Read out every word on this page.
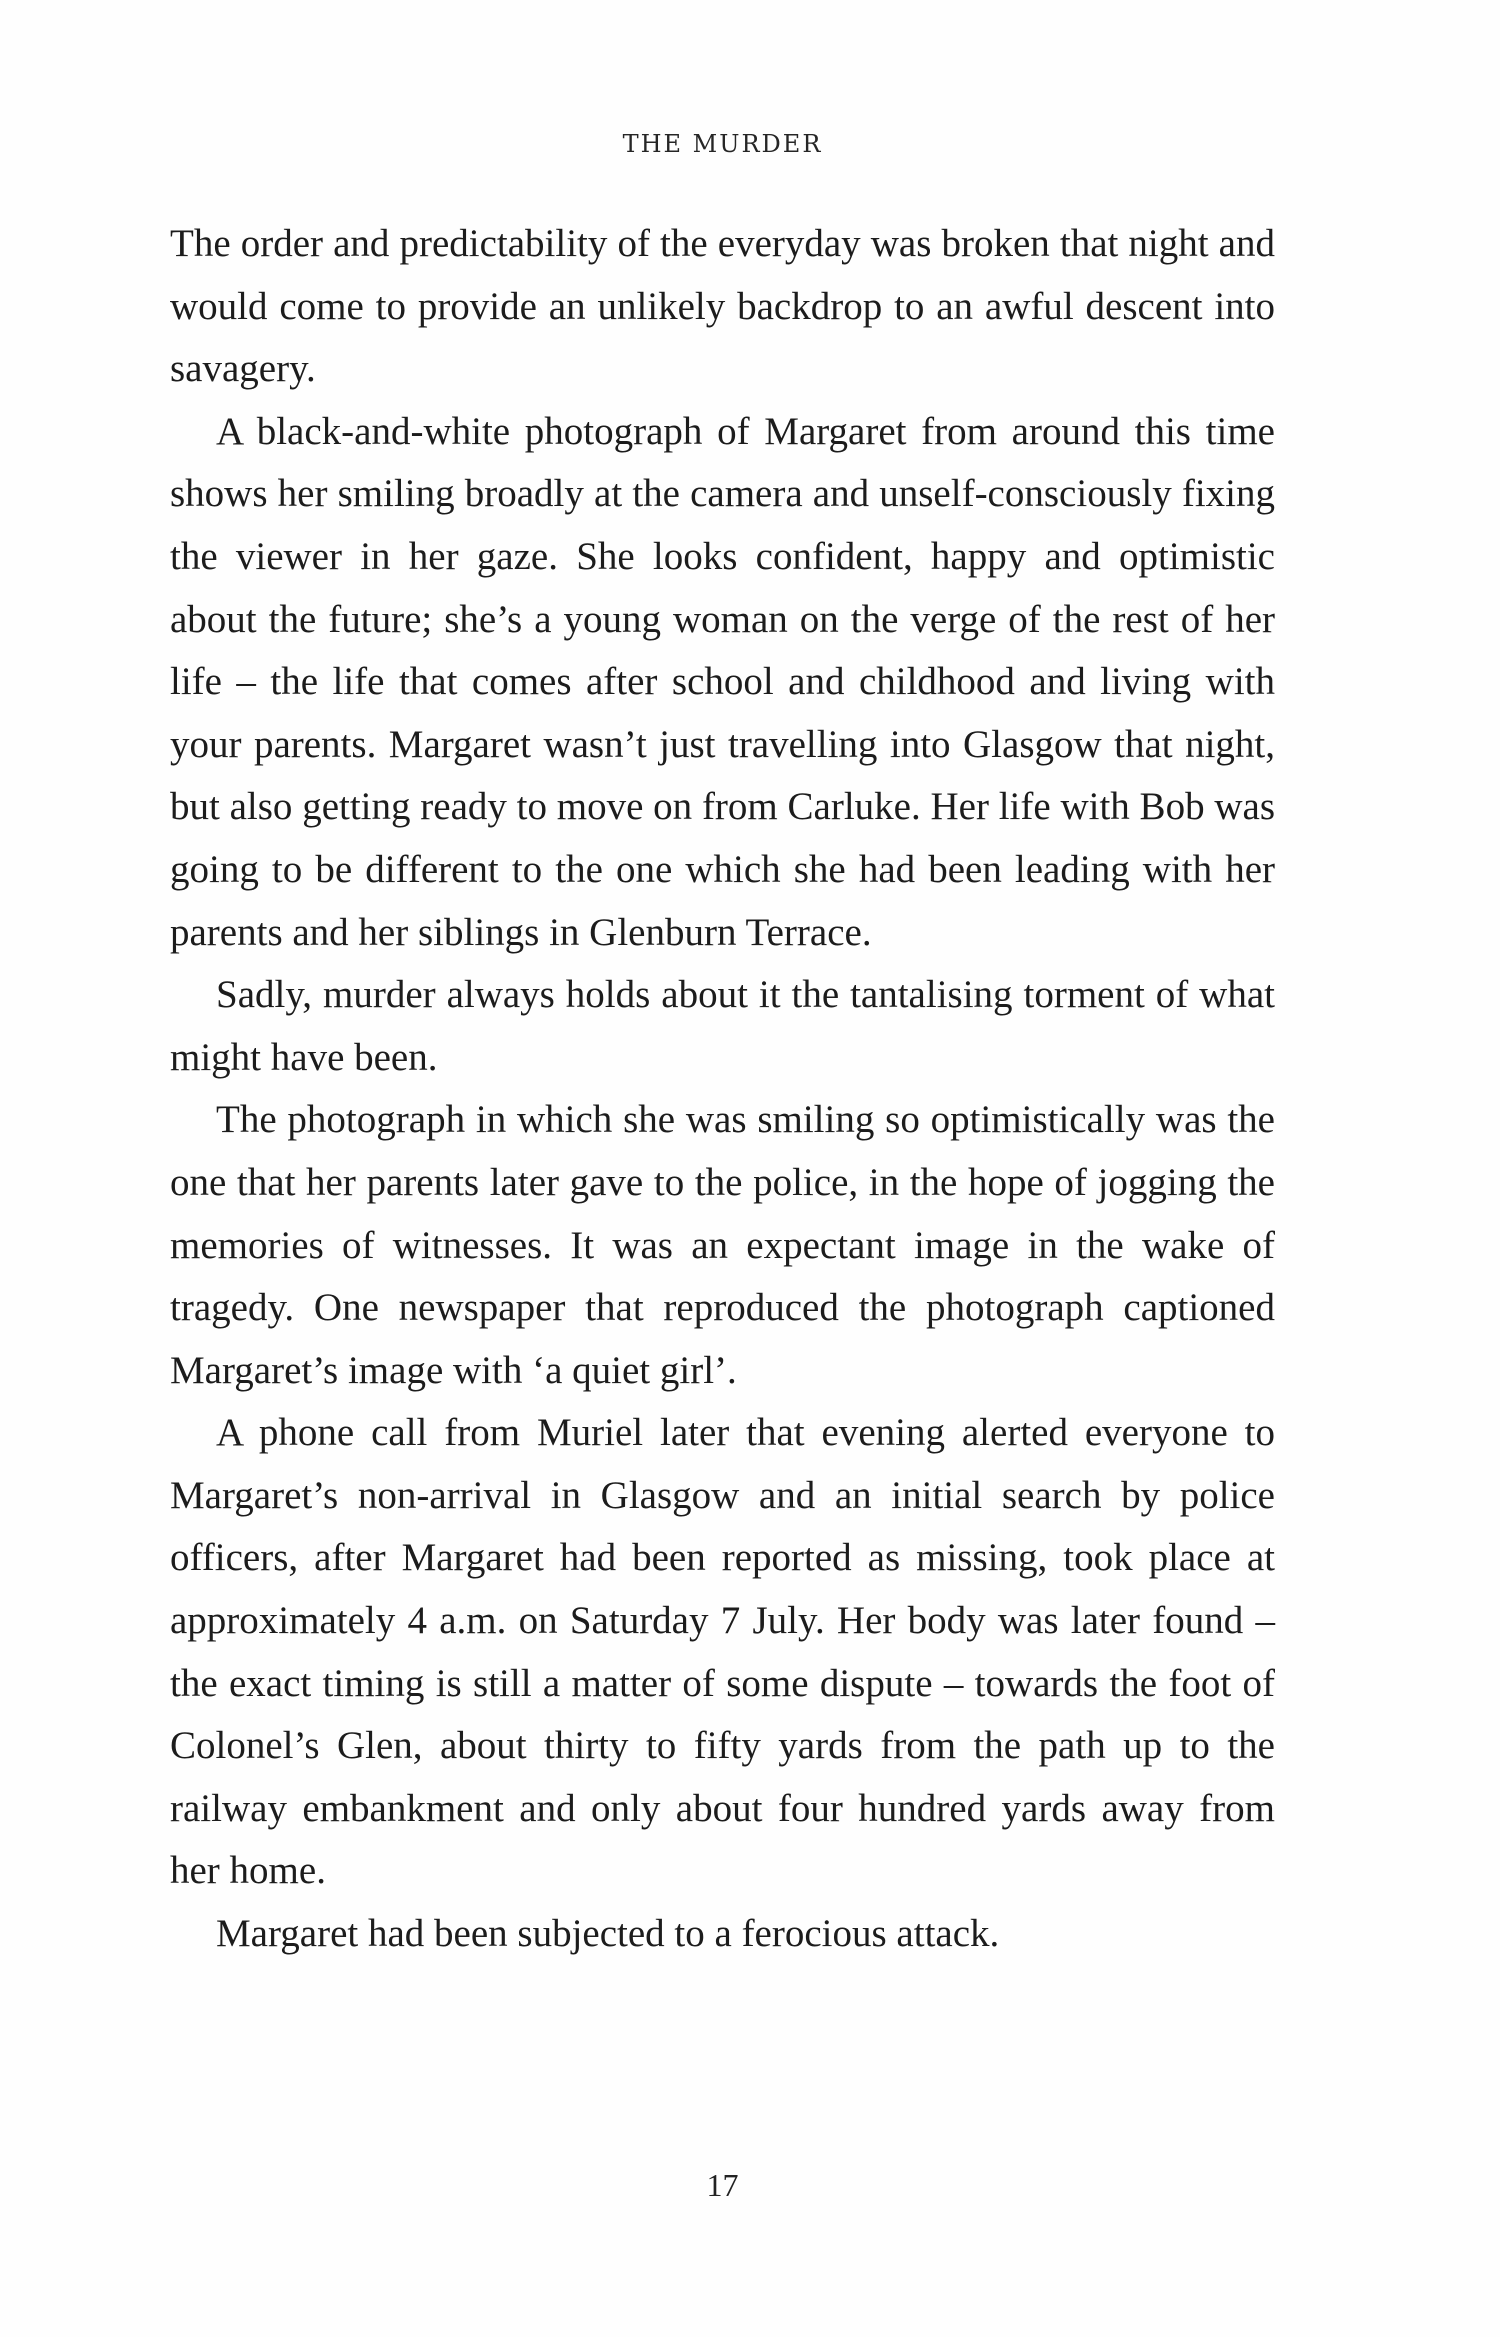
THE MURDER

The order and predictability of the everyday was broken that night and would come to provide an unlikely backdrop to an awful descent into savagery.

A black-and-white photograph of Margaret from around this time shows her smiling broadly at the camera and unself-consciously fixing the viewer in her gaze. She looks confident, happy and optimistic about the future; she’s a young woman on the verge of the rest of her life – the life that comes after school and childhood and living with your parents. Margaret wasn’t just travelling into Glasgow that night, but also getting ready to move on from Carluke. Her life with Bob was going to be different to the one which she had been leading with her parents and her siblings in Glenburn Terrace.

Sadly, murder always holds about it the tantalising torment of what might have been.

The photograph in which she was smiling so optimistically was the one that her parents later gave to the police, in the hope of jogging the memories of witnesses. It was an expectant image in the wake of tragedy. One newspaper that reproduced the photograph captioned Margaret’s image with ‘a quiet girl’.

A phone call from Muriel later that evening alerted everyone to Margaret’s non-arrival in Glasgow and an initial search by police officers, after Margaret had been reported as missing, took place at approximately 4 a.m. on Saturday 7 July. Her body was later found – the exact timing is still a matter of some dispute – towards the foot of Colonel’s Glen, about thirty to fifty yards from the path up to the railway embankment and only about four hundred yards away from her home.

Margaret had been subjected to a ferocious attack.

17
